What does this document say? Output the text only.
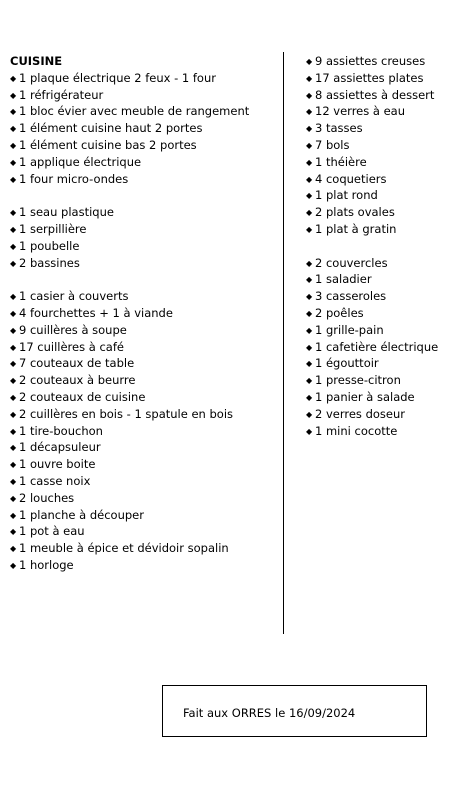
CUISINE
◆ 1 plaque électrique 2 feux - 1 four
◆ 1 réfrigérateur
◆ 1 bloc évier avec meuble de rangement
◆ 1 élément cuisine haut 2 portes
◆ 1 élément cuisine bas 2 portes
◆ 1 applique électrique
◆ 1 four micro-ondes
◆ 1 seau plastique
◆ 1 serpillière
◆ 1 poubelle
◆ 2 bassines
◆ 1 casier à couverts
◆ 4 fourchettes + 1 à viande
◆ 9 cuillères à soupe
◆ 17 cuillères à café
◆ 7 couteaux de table
◆ 2 couteaux à beurre
◆ 2 couteaux de cuisine
◆ 2 cuillères en bois - 1 spatule en bois
◆ 1 tire-bouchon
◆ 1 décapsuleur
◆ 1 ouvre boite
◆ 1 casse noix
◆ 2 louches
◆ 1 planche à découper
◆ 1 pot à eau
◆ 1 meuble à épice et dévidoir sopalin
◆ 1 horloge
◆ 9 assiettes creuses
◆ 17 assiettes plates
◆ 8 assiettes à dessert
◆ 12 verres à eau
◆ 3 tasses
◆ 7 bols
◆ 1 théière
◆ 4 coquetiers
◆ 1 plat rond
◆ 2 plats ovales
◆ 1 plat à gratin
◆ 2 couvercles
◆ 1 saladier
◆ 3 casseroles
◆ 2 poêles
◆ 1 grille-pain
◆ 1 cafetière électrique
◆ 1 égouttoir
◆ 1 presse-citron
◆ 1 panier à salade
◆ 2 verres doseur
◆ 1 mini cocotte
Fait aux ORRES le 16/09/2024
